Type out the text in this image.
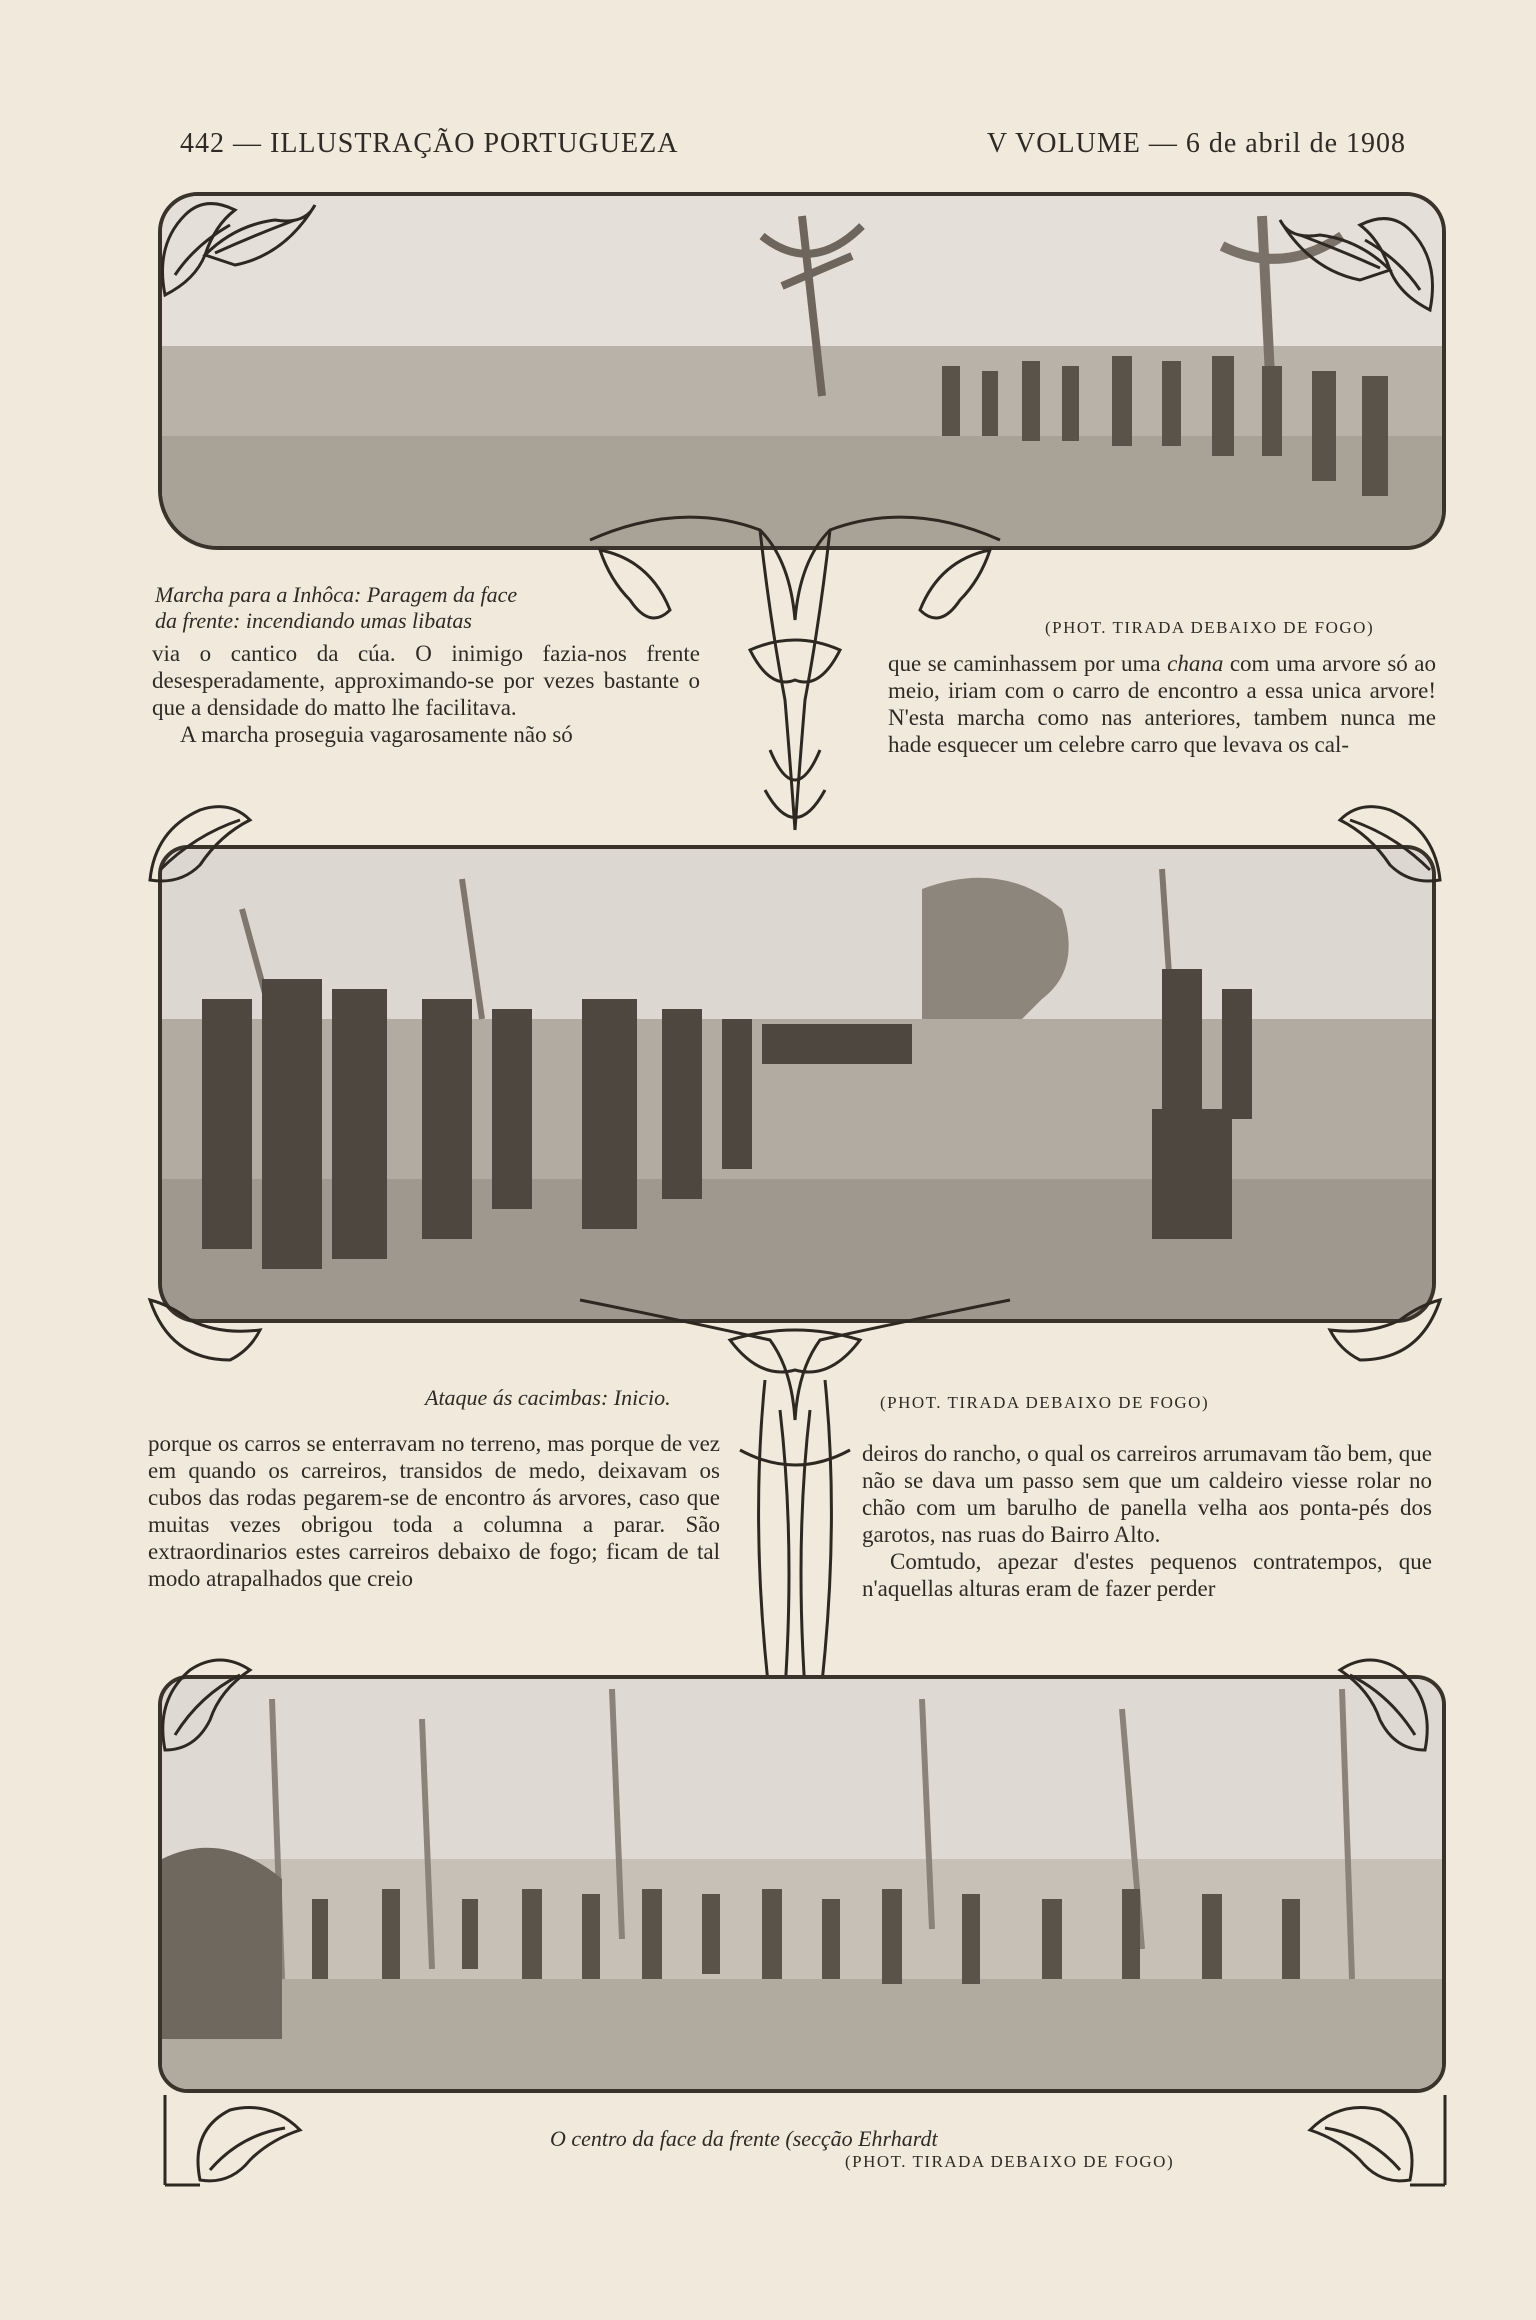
442 — ILLUSTRAÇÃO PORTUGUEZA	V VOLUME — 6 de abril de 1908
Marcha para a Inhôca: Paragem da face
da frente: incendiando umas libatas	(PHOT. TIRADA DEBAIXO DE FOGO)

via o cantico da cúa. O inimigo fazia-nos frente desesperadamente, approximando-se por vezes bastante o que a densidade do matto lhe facilitava.

A marcha proseguia vagarosamente não só

que se caminhassem por uma chana com uma arvore só ao meio, iriam com o carro de encontro a essa unica arvore! N'esta marcha como nas anteriores, tambem nunca me hade esquecer um celebre carro que levava os cal-

Ataque ás cacimbas: Inicio.	(PHOT. TIRADA DEBAIXO DE FOGO)

porque os carros se enterravam no terreno, mas porque de vez em quando os carreiros, transidos de medo, deixavam os cubos das rodas pegarem-se de encontro ás arvores, caso que muitas vezes obrigou toda a columna a parar. São extraordinarios estes carreiros debaixo de fogo; ficam de tal modo atrapalhados que creio

deiros do rancho, o qual os carreiros arrumavam tão bem, que não se dava um passo sem que um caldeiro viesse rolar no chão com um barulho de panella velha aos ponta-pés dos garotos, nas ruas do Bairro Alto.

Comtudo, apezar d'estes pequenos contratempos, que n'aquellas alturas eram de fazer perder

O centro da face da frente (secção Ehrhardt
(PHOT. TIRADA DEBAIXO DE FOGO)
